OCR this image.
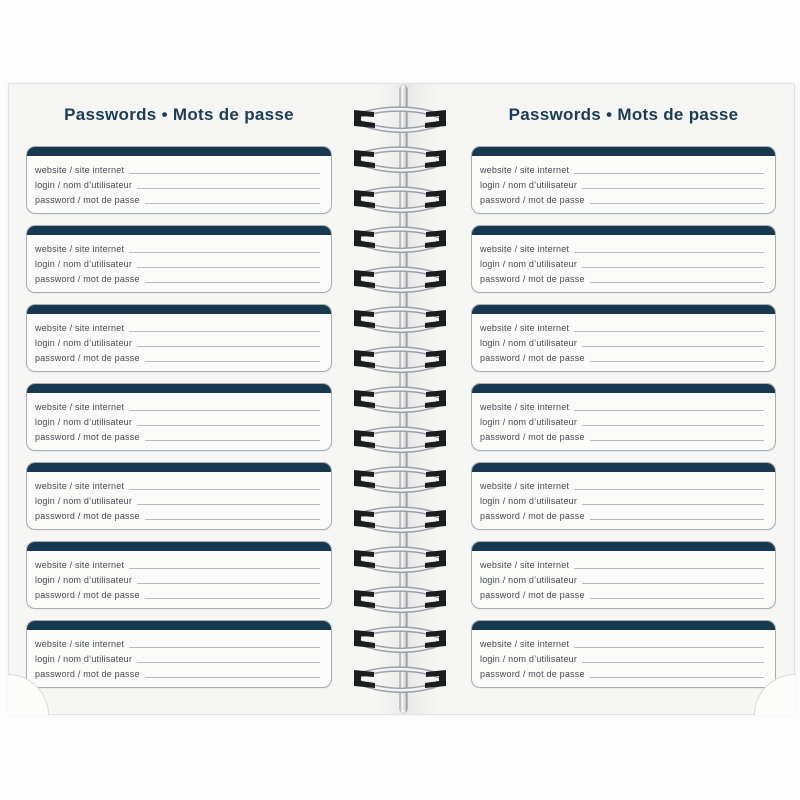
Passwords • Mots de passe
website / site internet
login / nom d’utilisateur
password / mot de passe
website / site internet
login / nom d’utilisateur
password / mot de passe
website / site internet
login / nom d’utilisateur
password / mot de passe
website / site internet
login / nom d’utilisateur
password / mot de passe
website / site internet
login / nom d’utilisateur
password / mot de passe
website / site internet
login / nom d’utilisateur
password / mot de passe
website / site internet
login / nom d’utilisateur
password / mot de passe
Passwords • Mots de passe
website / site internet
login / nom d’utilisateur
password / mot de passe
website / site internet
login / nom d’utilisateur
password / mot de passe
website / site internet
login / nom d’utilisateur
password / mot de passe
website / site internet
login / nom d’utilisateur
password / mot de passe
website / site internet
login / nom d’utilisateur
password / mot de passe
website / site internet
login / nom d’utilisateur
password / mot de passe
website / site internet
login / nom d’utilisateur
password / mot de passe
